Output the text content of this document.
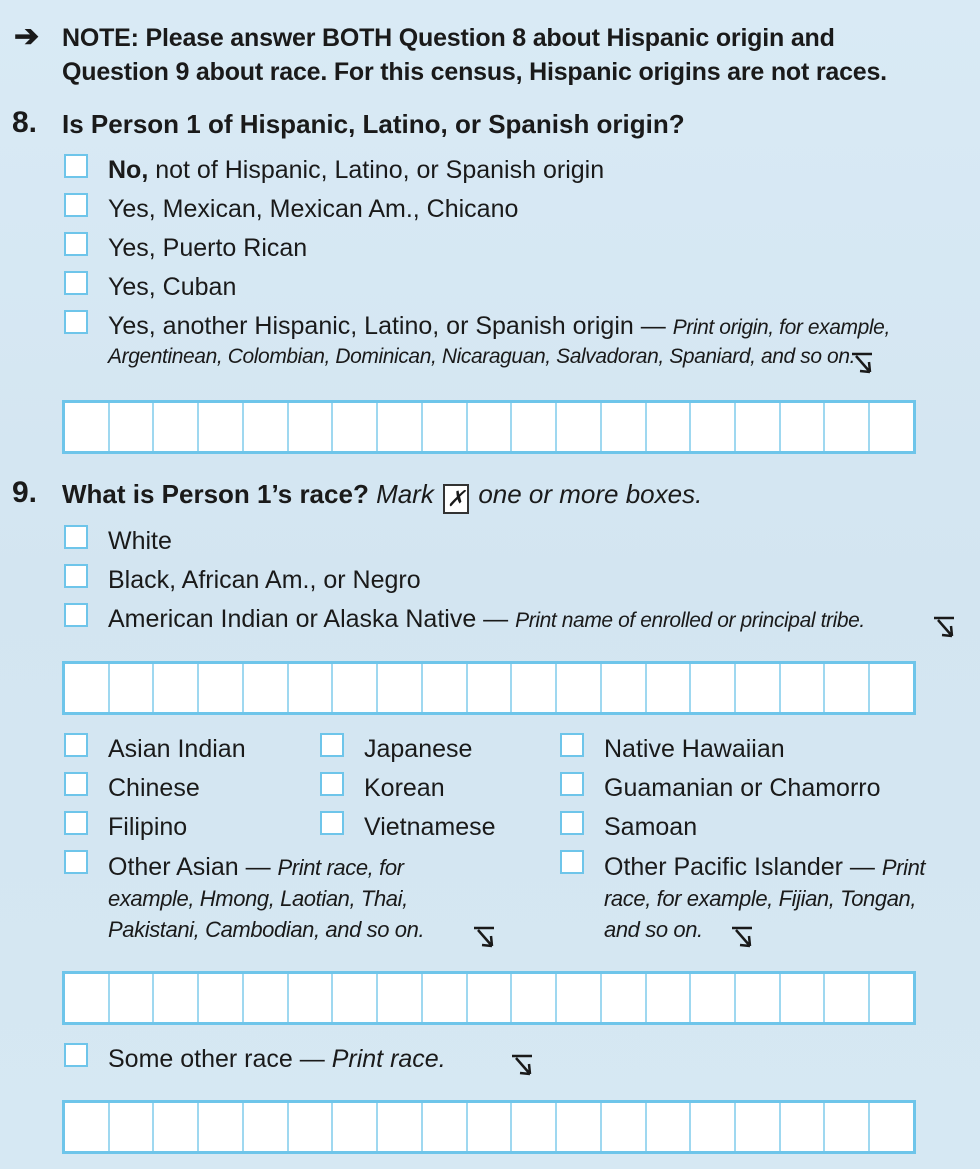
➔ NOTE: Please answer BOTH Question 8 about Hispanic origin and
Question 9 about race. For this census, Hispanic origins are not races.
8. Is Person 1 of Hispanic, Latino, or Spanish origin?
No, not of Hispanic, Latino, or Spanish origin
Yes, Mexican, Mexican Am., Chicano
Yes, Puerto Rican
Yes, Cuban
Yes, another Hispanic, Latino, or Spanish origin — Print origin, for example,
Argentinean, Colombian, Dominican, Nicaraguan, Salvadoran, Spaniard, and so on.
9. What is Person 1’s race? Mark ✗ one or more boxes.
White
Black, African Am., or Negro
American Indian or Alaska Native — Print name of enrolled or principal tribe.
Asian Indian
Chinese
Filipino
Other Asian — Print race, for
example, Hmong, Laotian, Thai,
Pakistani, Cambodian, and so on.
Japanese
Korean
Vietnamese
Native Hawaiian
Guamanian or Chamorro
Samoan
Other Pacific Islander — Print
race, for example, Fijian, Tongan,
and so on.
Some other race — Print race.
